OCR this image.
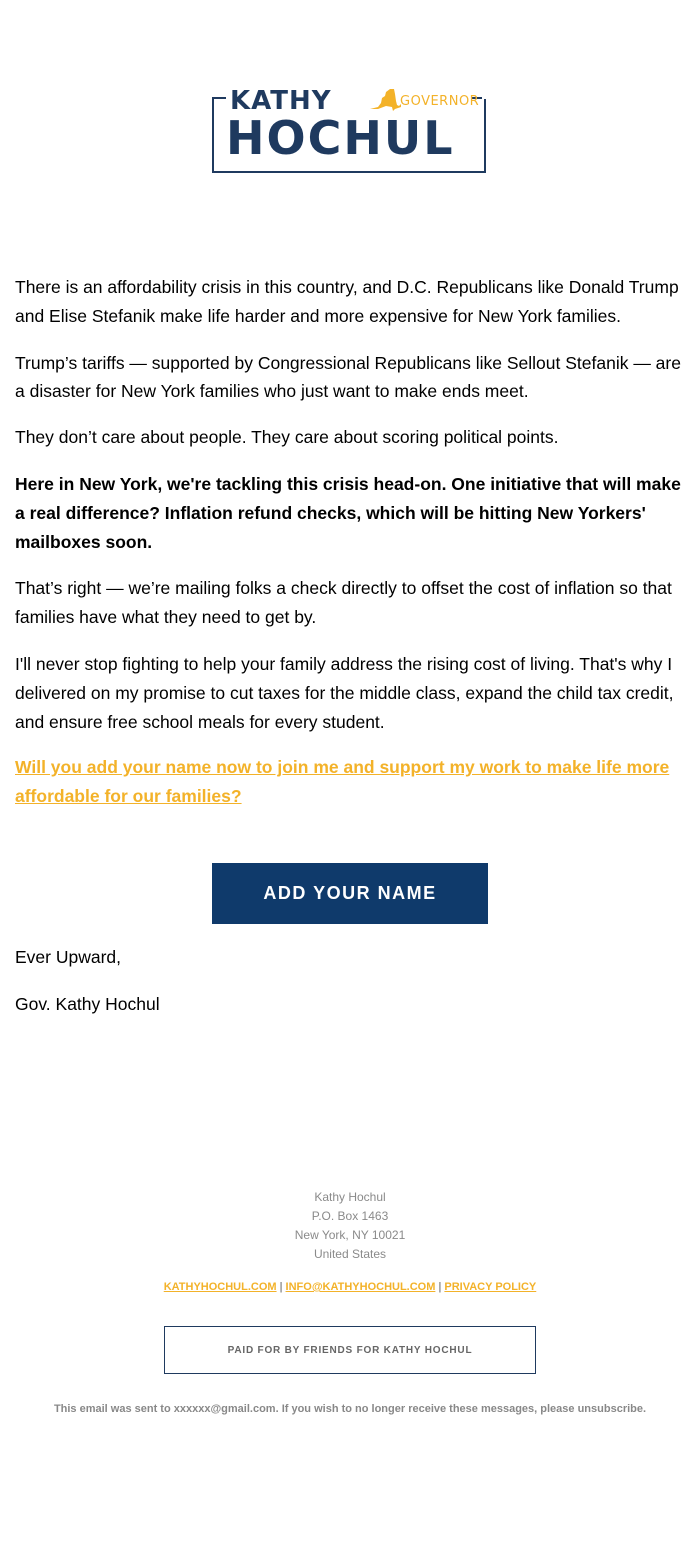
KATHY	GOVERNOR
HOCHUL

There is an affordability crisis in this country, and D.C. Republicans like Donald Trump and Elise Stefanik make life harder and more expensive for New York families.

Trump’s tariffs — supported by Congressional Republicans like Sellout Stefanik — are a disaster for New York families who just want to make ends meet.

They don’t care about people. They care about scoring political points.

Here in New York, we're tackling this crisis head-on. One initiative that will make a real difference? Inflation refund checks, which will be hitting New Yorkers' mailboxes soon.

That’s right — we’re mailing folks a check directly to offset the cost of inflation so that families have what they need to get by.

I'll never stop fighting to help your family address the rising cost of living. That's why I delivered on my promise to cut taxes for the middle class, expand the child tax credit, and ensure free school meals for every student.

Will you add your name now to join me and support my work to make life more affordable for our families?
ADD YOUR NAME
Ever Upward,
Gov. Kathy Hochul
Kathy Hochul
P.O. Box 1463
New York, NY 10021
United States
KATHYHOCHUL.COM | INFO@KATHYHOCHUL.COM | PRIVACY POLICY
PAID FOR BY FRIENDS FOR KATHY HOCHUL
This email was sent to xxxxxx@gmail.com. If you wish to no longer receive these messages, please unsubscribe.
